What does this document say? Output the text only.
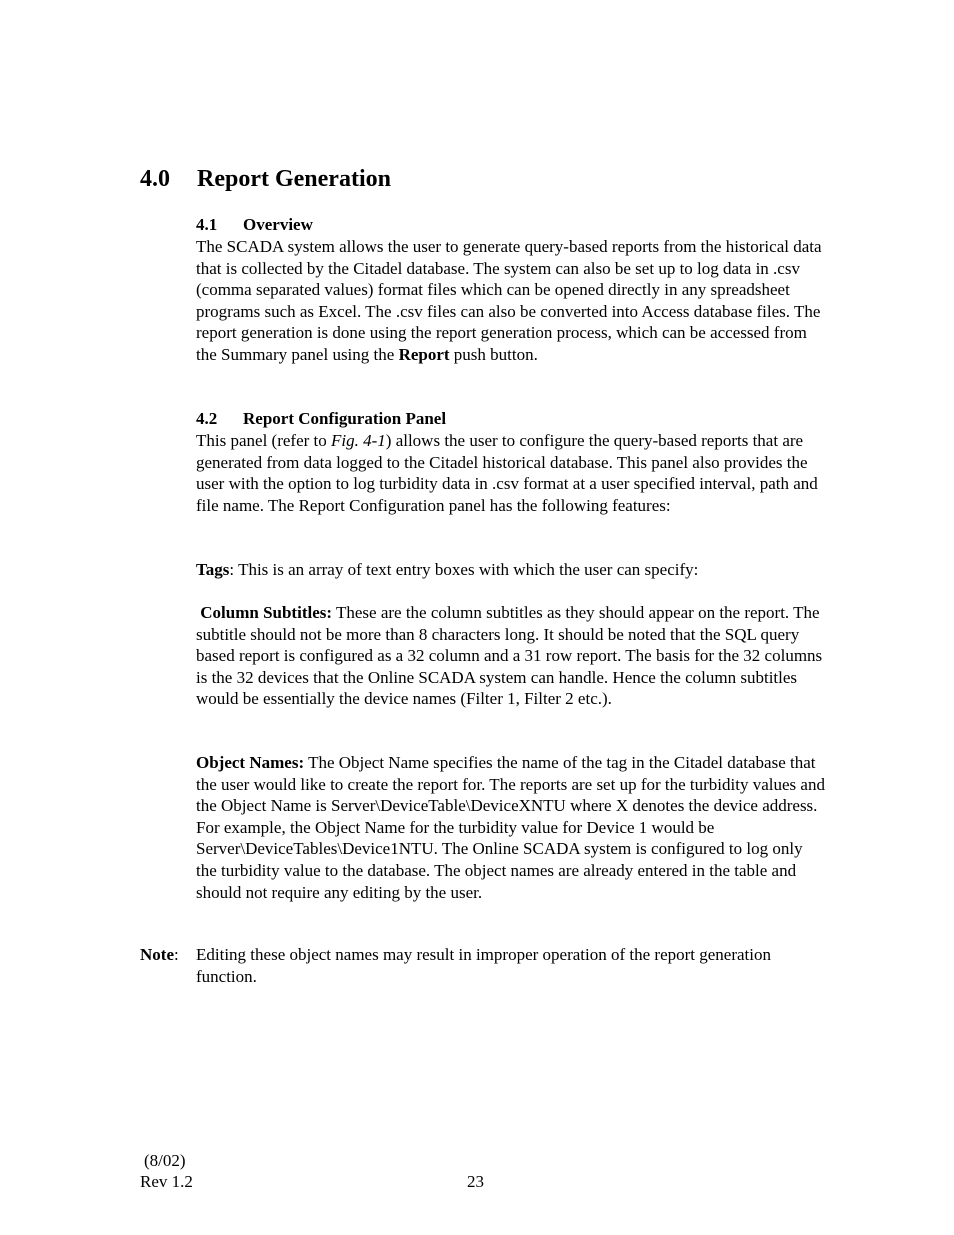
4.0 Report Generation
4.1 Overview

The SCADA system allows the user to generate query-based reports from the historical data that is collected by the Citadel database. The system can also be set up to log data in .csv (comma separated values) format files which can be opened directly in any spreadsheet programs such as Excel. The .csv files can also be converted into Access database files. The report generation is done using the report generation process, which can be accessed from the Summary panel using the Report push button.

4.2 Report Configuration Panel

This panel (refer to Fig. 4-1) allows the user to configure the query-based reports that are generated from data logged to the Citadel historical database. This panel also provides the user with the option to log turbidity data in .csv format at a user specified interval, path and file name. The Report Configuration panel has the following features:

Tags: This is an array of text entry boxes with which the user can specify:

Column Subtitles: These are the column subtitles as they should appear on the report. The subtitle should not be more than 8 characters long. It should be noted that the SQL query based report is configured as a 32 column and a 31 row report. The basis for the 32 columns is the 32 devices that the Online SCADA system can handle. Hence the column subtitles would be essentially the device names (Filter 1, Filter 2 etc.).

Object Names: The Object Name specifies the name of the tag in the Citadel database that the user would like to create the report for. The reports are set up for the turbidity values and the Object Name is Server\DeviceTable\DeviceXNTU where X denotes the device address. For example, the Object Name for the turbidity value for Device 1 would be Server\DeviceTables\Device1NTU. The Online SCADA system is configured to log only the turbidity value to the database. The object names are already entered in the table and should not require any editing by the user.

Note: Editing these object names may result in improper operation of the report generation function.
(8/02)
Rev 1.2	23
